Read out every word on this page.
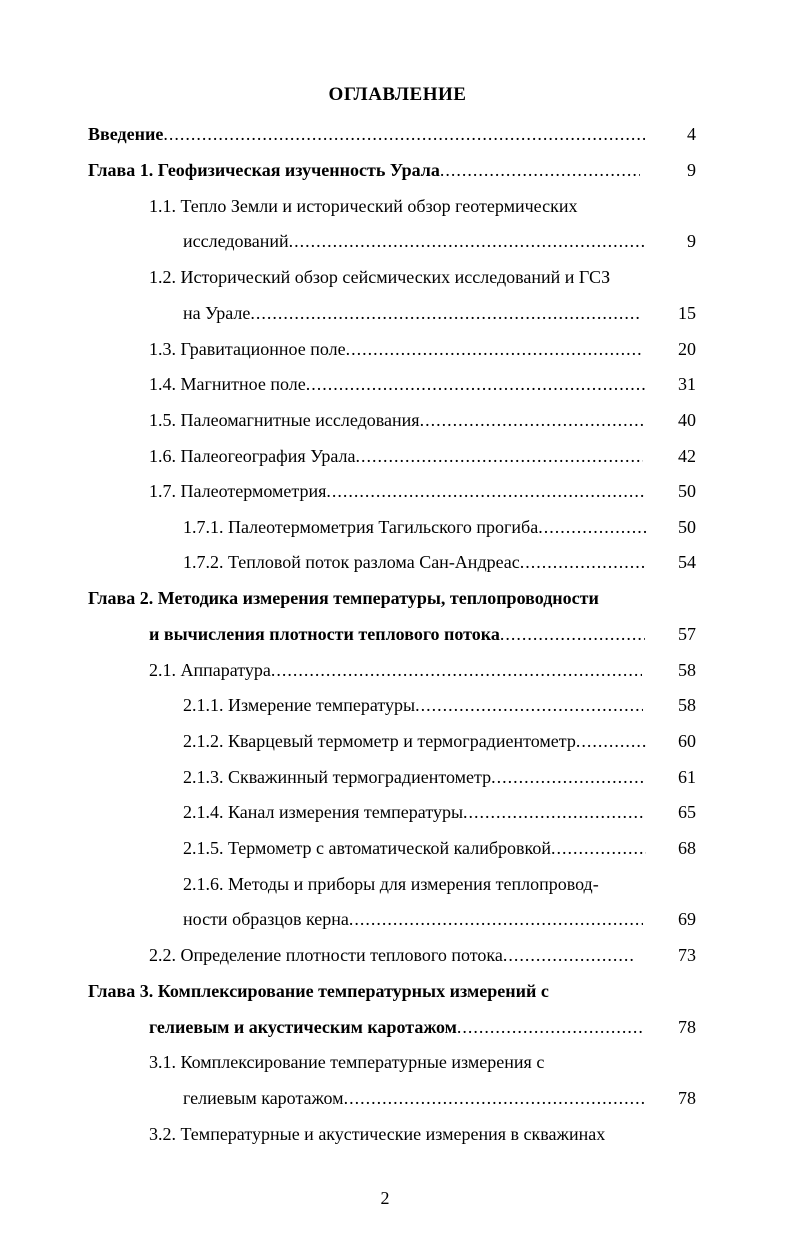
ОГЛАВЛЕНИЕ
Введение .....	4
Глава 1. Геофизическая изученность Урала .....	9
1.1. Тепло Земли и исторический обзор геотермических
исследований .....	9
1.2. Исторический обзор сейсмических исследований и ГСЗ
на Урале .....	15
1.3. Гравитационное поле .....	20
1.4. Магнитное поле .....	31
1.5. Палеомагнитные исследования .....	40
1.6. Палеогеография Урала .....	42
1.7. Палеотермометрия .....	50
1.7.1. Палеотермометрия Тагильского прогиба .....	50
1.7.2. Тепловой поток разлома Сан-Андреас .....	54
Глава 2. Методика измерения температуры, теплопроводности
и вычисления плотности теплового потока .....	57
2.1. Аппаратура .....	58
2.1.1. Измерение температуры .....	58
2.1.2. Кварцевый термометр и термоградиентометр .....	60
2.1.3. Скважинный термоградиентометр .....	61
2.1.4. Канал измерения температуры .....	65
2.1.5. Термометр с автоматической калибровкой .....	68
2.1.6. Методы и приборы для измерения теплопровод-
ности образцов керна .....	69
2.2. Определение плотности теплового потока .....	73
Глава 3. Комплексирование температурных измерений с
гелиевым и акустическим каротажом .....	78
3.1. Комплексирование температурные измерения с
гелиевым каротажом .....	78
3.2. Температурные и акустические измерения в скважинах
2
